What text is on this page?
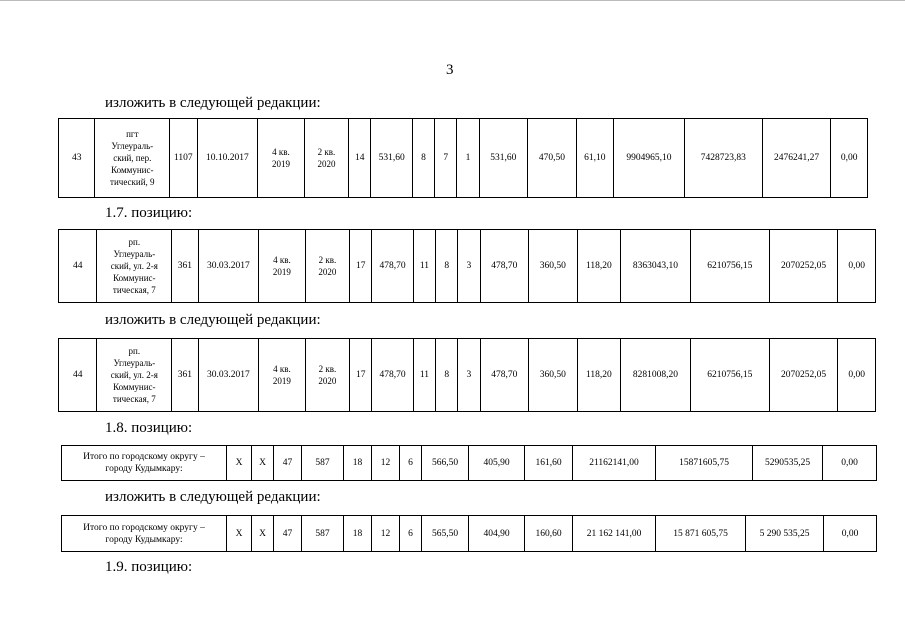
3
изложить в следующей редакции:
43	пгт
Углеураль-
ский, пер.
Коммунис-
тический, 9	1107	10.10.2017	4 кв.
2019	2 кв.
2020	14	531,60	8	7	1	531,60	470,50	61,10	9904965,10	7428723,83	2476241,27	0,00
1.7. позицию:
44	рп.
Углеураль-
ский, ул. 2-я
Коммунис-
тическая, 7	361	30.03.2017	4 кв.
2019	2 кв.
2020	17	478,70	11	8	3	478,70	360,50	118,20	8363043,10	6210756,15	2070252,05	0,00
изложить в следующей редакции:
44	рп.
Углеураль-
ский, ул. 2-я
Коммунис-
тическая, 7	361	30.03.2017	4 кв.
2019	2 кв.
2020	17	478,70	11	8	3	478,70	360,50	118,20	8281008,20	6210756,15	2070252,05	0,00
1.8. позицию:
Итого по городскому округу –
городу Кудымкару:	Х	Х	47	587	18	12	6	566,50	405,90	161,60	21162141,00	15871605,75	5290535,25	0,00
изложить в следующей редакции:
Итого по городскому округу –
городу Кудымкару:	Х	Х	47	587	18	12	6	565,50	404,90	160,60	21 162 141,00	15 871 605,75	5 290 535,25	0,00
1.9. позицию:
